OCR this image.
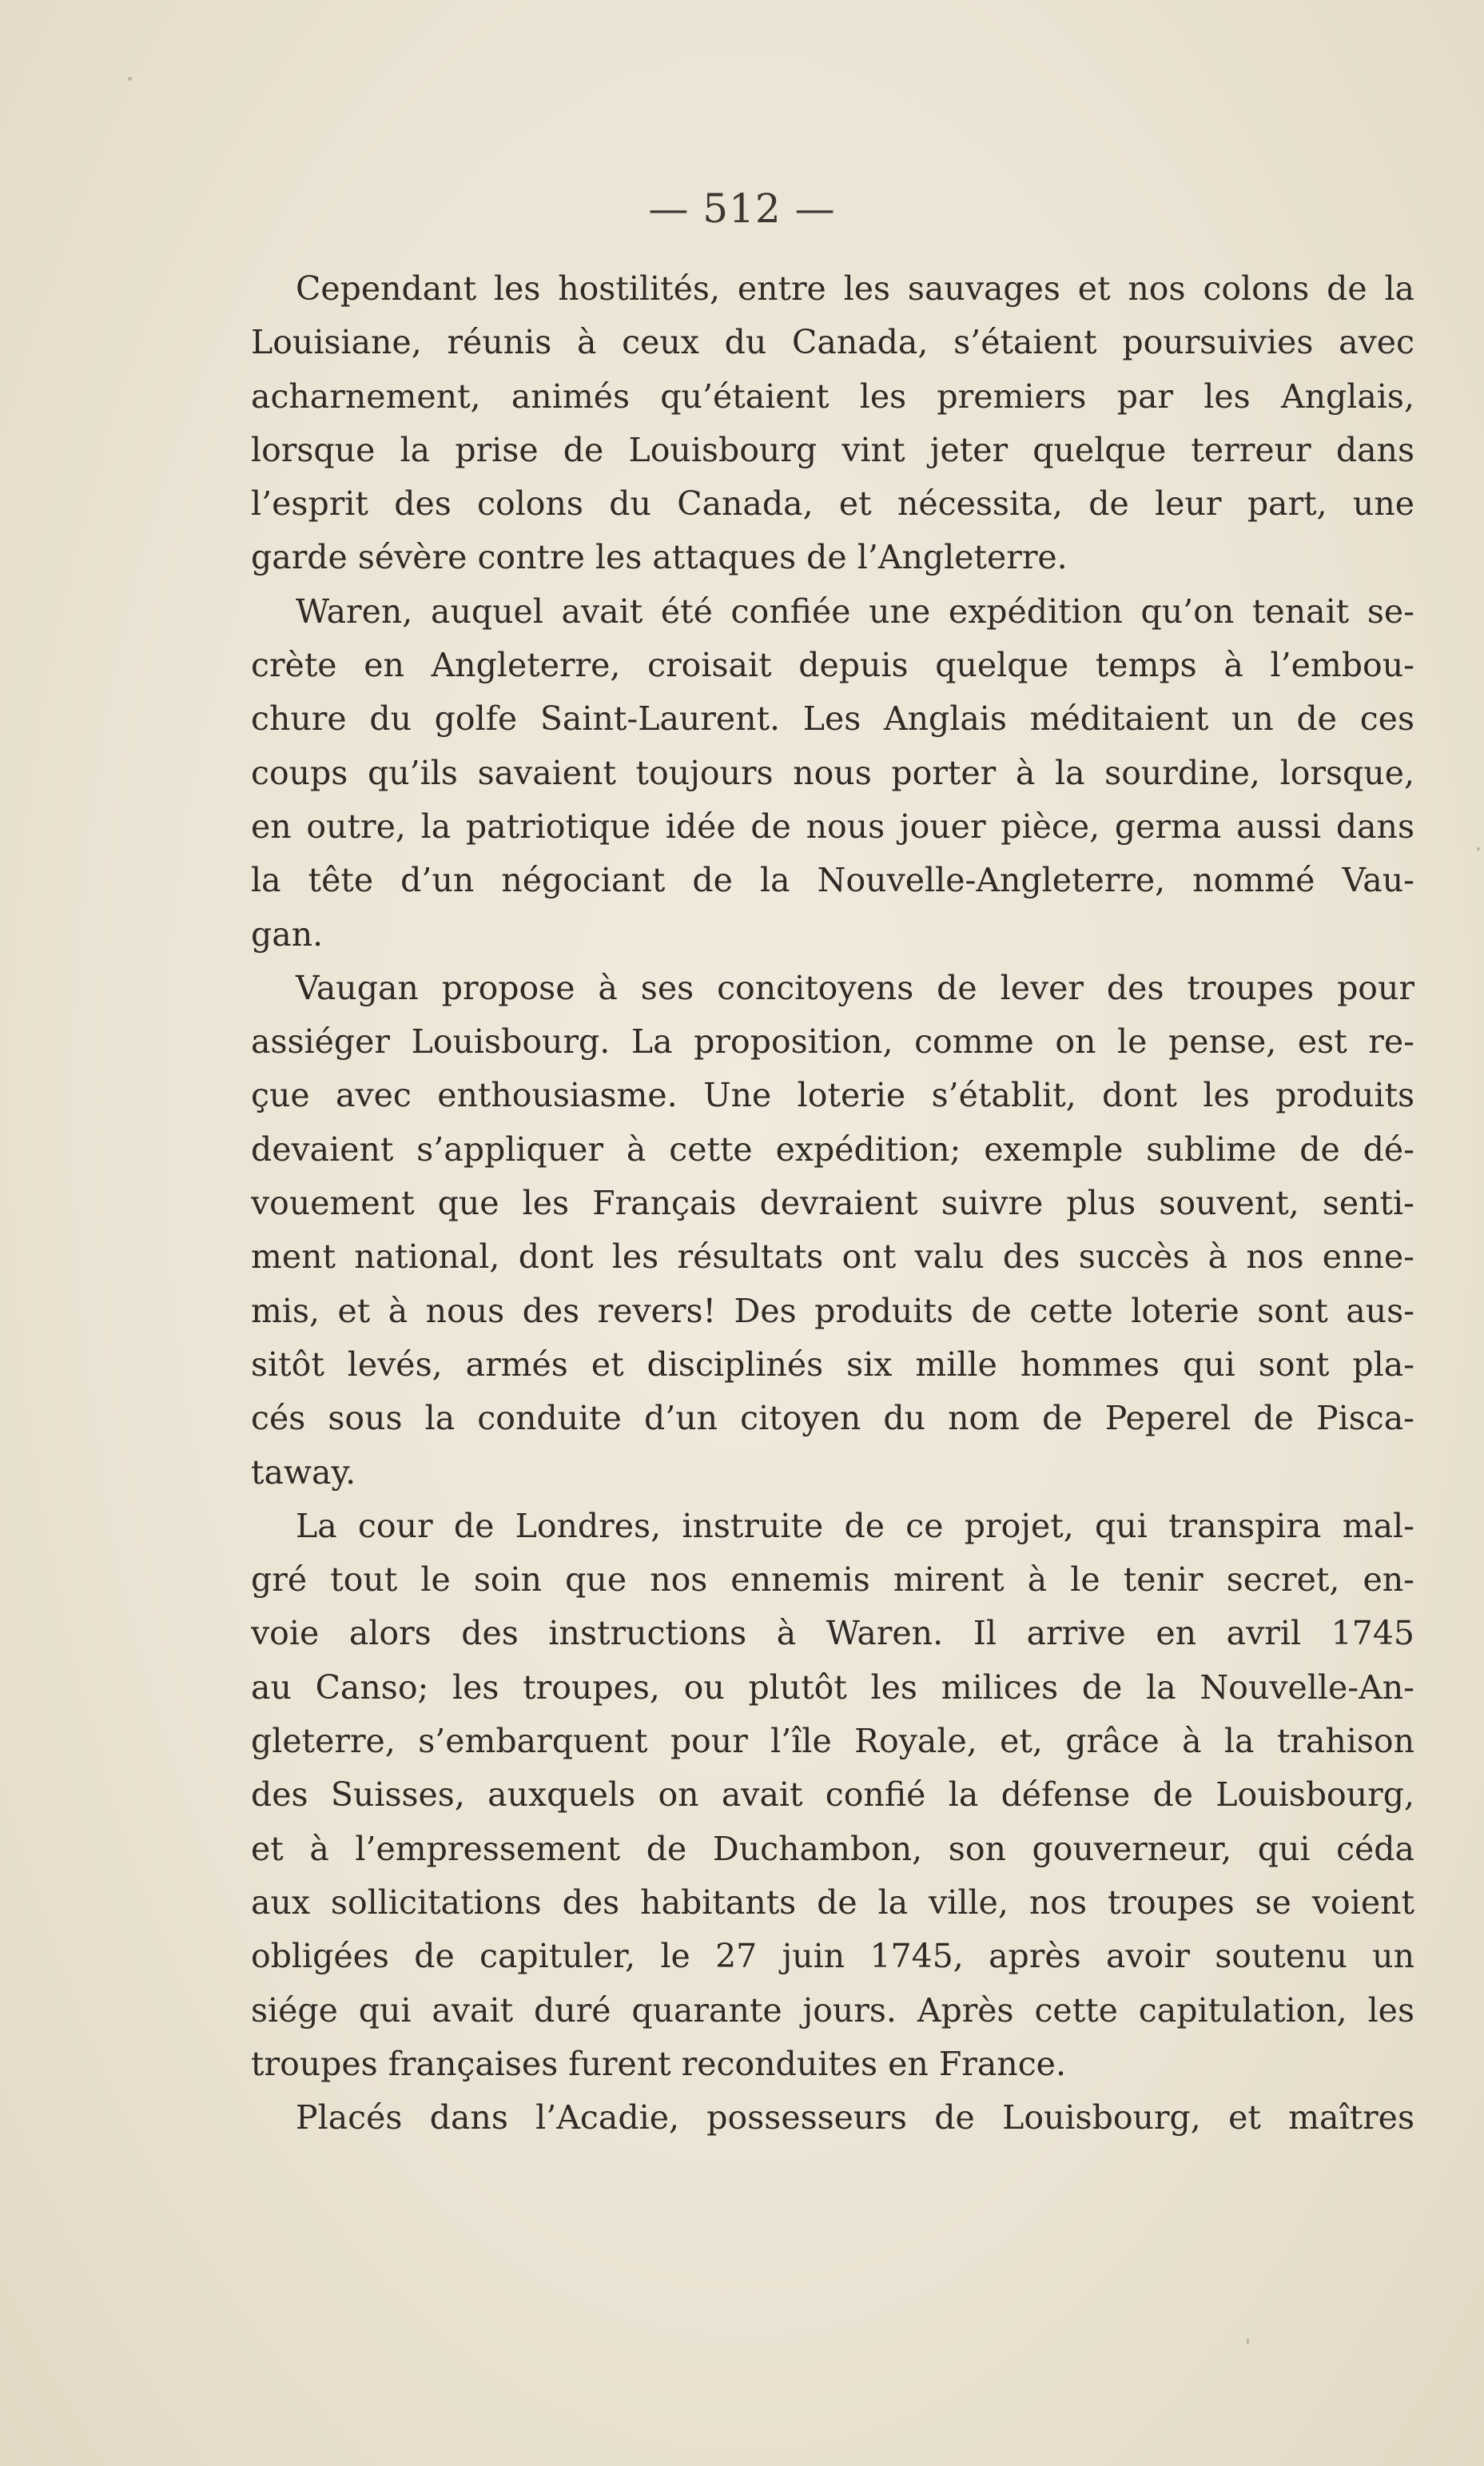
— 512 —
Cependant les hostilités, entre les sauvages et nos colons de la
Louisiane, réunis à ceux du Canada, s’étaient poursuivies avec
acharnement, animés qu’étaient les premiers par les Anglais,
lorsque la prise de Louisbourg vint jeter quelque terreur dans
l’esprit des colons du Canada, et nécessita, de leur part, une
garde sévère contre les attaques de l’Angleterre.
Waren, auquel avait été confiée une expédition qu’on tenait se-
crète en Angleterre, croisait depuis quelque temps à l’embou-
chure du golfe Saint-Laurent. Les Anglais méditaient un de ces
coups qu’ils savaient toujours nous porter à la sourdine, lorsque,
en outre, la patriotique idée de nous jouer pièce, germa aussi dans
la tête d’un négociant de la Nouvelle-Angleterre, nommé Vau-
gan.
Vaugan propose à ses concitoyens de lever des troupes pour
assiéger Louisbourg. La proposition, comme on le pense, est re-
çue avec enthousiasme. Une loterie s’établit, dont les produits
devaient s’appliquer à cette expédition; exemple sublime de dé-
vouement que les Français devraient suivre plus souvent, senti-
ment national, dont les résultats ont valu des succès à nos enne-
mis, et à nous des revers! Des produits de cette loterie sont aus-
sitôt levés, armés et disciplinés six mille hommes qui sont pla-
cés sous la conduite d’un citoyen du nom de Peperel de Pisca-
taway.
La cour de Londres, instruite de ce projet, qui transpira mal-
gré tout le soin que nos ennemis mirent à le tenir secret, en-
voie alors des instructions à Waren. Il arrive en avril 1745
au Canso; les troupes, ou plutôt les milices de la Nouvelle-An-
gleterre, s’embarquent pour l’île Royale, et, grâce à la trahison
des Suisses, auxquels on avait confié la défense de Louisbourg,
et à l’empressement de Duchambon, son gouverneur, qui céda
aux sollicitations des habitants de la ville, nos troupes se voient
obligées de capituler, le 27 juin 1745, après avoir soutenu un
siége qui avait duré quarante jours. Après cette capitulation, les
troupes françaises furent reconduites en France.
Placés dans l’Acadie, possesseurs de Louisbourg, et maîtres
